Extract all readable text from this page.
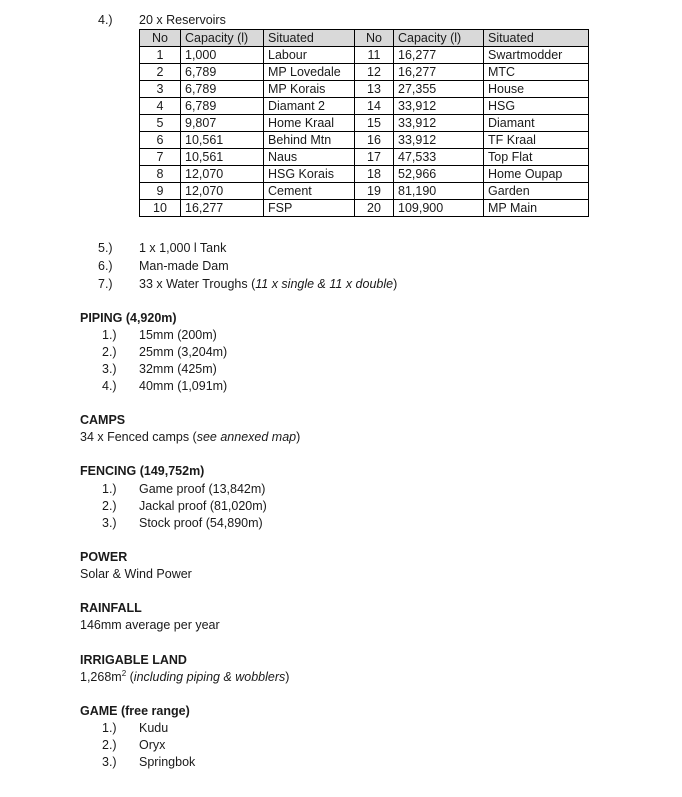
4.) 20 x Reservoirs
No	Capacity (l)	Situated	No	Capacity (l)	Situated
1	1,000	Labour	11	16,277	Swartmodder
2	6,789	MP Lovedale	12	16,277	MTC
3	6,789	MP Korais	13	27,355	House
4	6,789	Diamant 2	14	33,912	HSG
5	9,807	Home Kraal	15	33,912	Diamant
6	10,561	Behind Mtn	16	33,912	TF Kraal
7	10,561	Naus	17	47,533	Top Flat
8	12,070	HSG Korais	18	52,966	Home Oupap
9	12,070	Cement	19	81,190	Garden
10	16,277	FSP	20	109,900	MP Main
5.) 1 x 1,000 l Tank
6.) Man-made Dam
7.) 33 x Water Troughs (11 x single & 11 x double)
PIPING (4,920m)
1.) 15mm (200m)
2.) 25mm (3,204m)
3.) 32mm (425m)
4.) 40mm (1,091m)
CAMPS
34 x Fenced camps (see annexed map)
FENCING (149,752m)
1.) Game proof (13,842m)
2.) Jackal proof (81,020m)
3.) Stock proof (54,890m)
POWER
Solar & Wind Power
RAINFALL
146mm average per year
IRRIGABLE LAND
$1,268m^2$ (including piping & wobblers)
GAME (free range)
1.) Kudu
2.) Oryx
3.) Springbok
